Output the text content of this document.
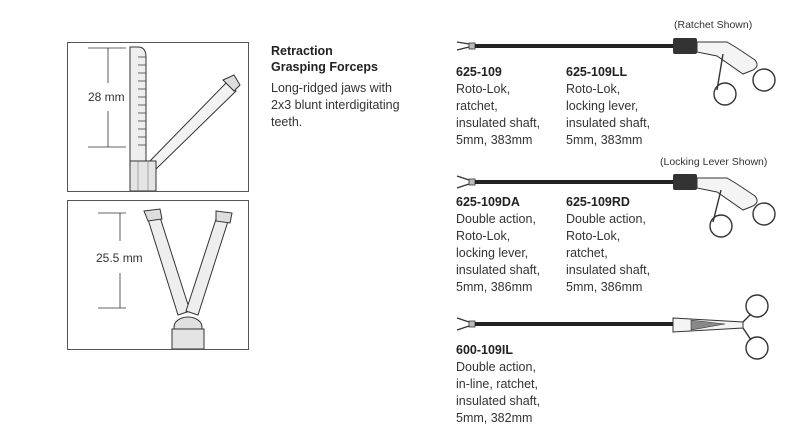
28 mm
25.5 mm
Retraction
Grasping Forceps
Long-ridged jaws with
2x3 blunt interdigitating
teeth.
(Ratchet Shown)
(Locking Lever Shown)
625-109
Roto-Lok,
ratchet,
insulated shaft,
5mm, 383mm
625-109LL
Roto-Lok,
locking lever,
insulated shaft,
5mm, 383mm
625-109DA
Double action,
Roto-Lok,
locking lever,
insulated shaft,
5mm, 386mm
625-109RD
Double action,
Roto-Lok,
ratchet,
insulated shaft,
5mm, 386mm
600-109IL
Double action,
in-line, ratchet,
insulated shaft,
5mm, 382mm
